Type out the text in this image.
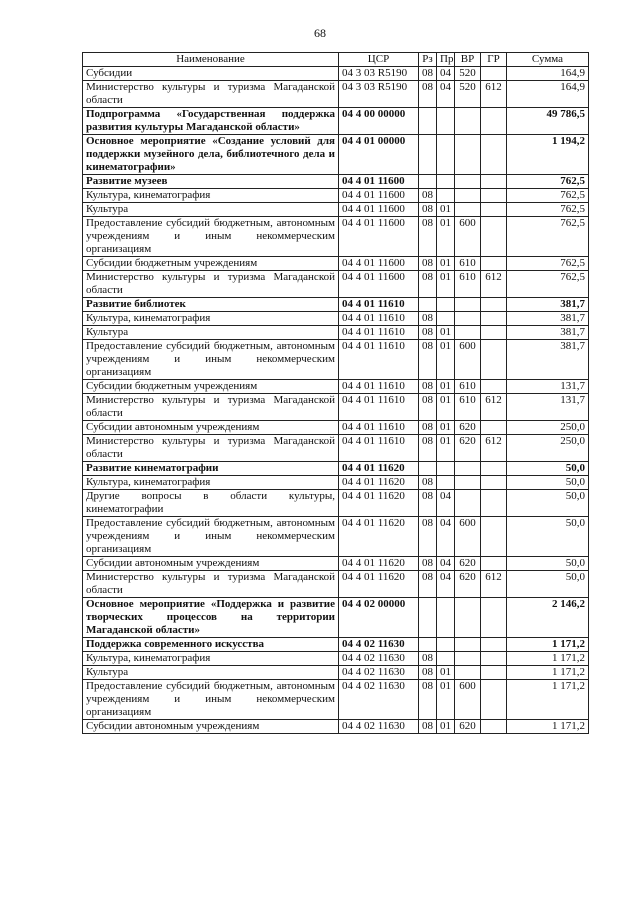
68
Наименование	ЦСР	Рз	Пр	ВР	ГР	Сумма
Субсидии	04 3 03 R5190	08	04	520		164,9
Министерство культуры и туризма Магаданской области	04 3 03 R5190	08	04	520	612	164,9
Подпрограмма «Государственная поддержка развития культуры Магаданской области»	04 4 00 00000					49 786,5
Основное мероприятие «Создание условий для поддержки музейного дела, библиотечного дела и кинематографии»	04 4 01 00000					1 194,2
Развитие музеев	04 4 01 11600					762,5
Культура, кинематография	04 4 01 11600	08				762,5
Культура	04 4 01 11600	08	01			762,5
Предоставление субсидий бюджетным, автономным учреждениям и иным некоммерческим организациям	04 4 01 11600	08	01	600		762,5
Субсидии бюджетным учреждениям	04 4 01 11600	08	01	610		762,5
Министерство культуры и туризма Магаданской области	04 4 01 11600	08	01	610	612	762,5
Развитие библиотек	04 4 01 11610					381,7
Культура, кинематография	04 4 01 11610	08				381,7
Культура	04 4 01 11610	08	01			381,7
Предоставление субсидий бюджетным, автономным учреждениям и иным некоммерческим организациям	04 4 01 11610	08	01	600		381,7
Субсидии бюджетным учреждениям	04 4 01 11610	08	01	610		131,7
Министерство культуры и туризма Магаданской области	04 4 01 11610	08	01	610	612	131,7
Субсидии автономным учреждениям	04 4 01 11610	08	01	620		250,0
Министерство культуры и туризма Магаданской области	04 4 01 11610	08	01	620	612	250,0
Развитие кинематографии	04 4 01 11620					50,0
Культура, кинематография	04 4 01 11620	08				50,0
Другие вопросы в области культуры, кинематографии	04 4 01 11620	08	04			50,0
Предоставление субсидий бюджетным, автономным учреждениям и иным некоммерческим организациям	04 4 01 11620	08	04	600		50,0
Субсидии автономным учреждениям	04 4 01 11620	08	04	620		50,0
Министерство культуры и туризма Магаданской области	04 4 01 11620	08	04	620	612	50,0
Основное мероприятие «Поддержка и развитие творческих процессов на территории Магаданской области»	04 4 02 00000					2 146,2
Поддержка современного искусства	04 4 02 11630					1 171,2
Культура, кинематография	04 4 02 11630	08				1 171,2
Культура	04 4 02 11630	08	01			1 171,2
Предоставление субсидий бюджетным, автономным учреждениям и иным некоммерческим организациям	04 4 02 11630	08	01	600		1 171,2
Субсидии автономным учреждениям	04 4 02 11630	08	01	620		1 171,2
